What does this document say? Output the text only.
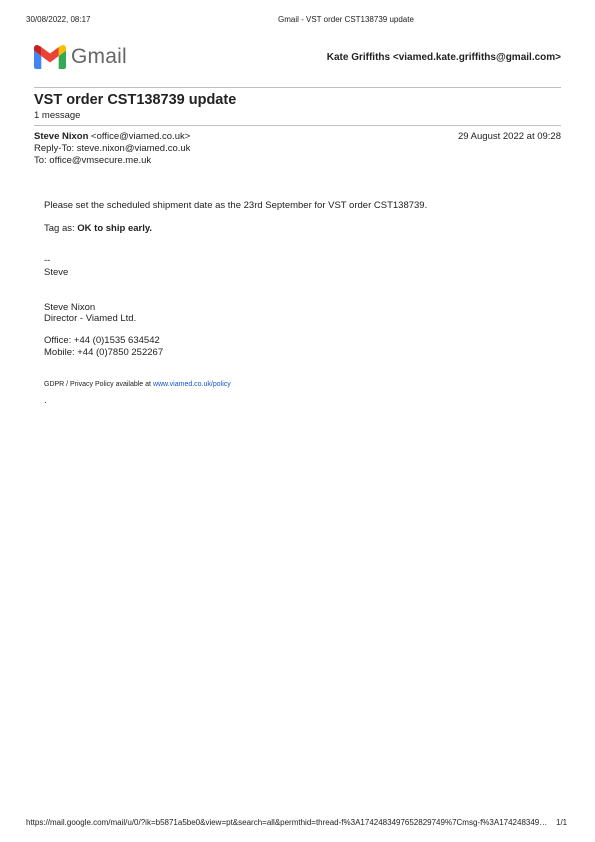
30/08/2022, 08:17	Gmail - VST order CST138739 update
Gmail	Kate Griffiths <viamed.kate.griffiths@gmail.com>
VST order CST138739 update
1 message
Steve Nixon <office@viamed.co.uk>	29 August 2022 at 09:28
Reply-To: steve.nixon@viamed.co.uk
To: office@vmsecure.me.uk
Please set the scheduled shipment date as the 23rd September for VST order CST138739.
Tag as: OK to ship early.
--
Steve
Steve Nixon
Director - Viamed Ltd.
Office: +44 (0)1535 634542
Mobile: +44 (0)7850 252267
GDPR / Privacy Policy available at www.viamed.co.uk/policy
.
https://mail.google.com/mail/u/0/?ik=b5871a5be0&view=pt&search=all&permthid=thread-f%3A1742483497652829749%7Cmsg-f%3A174248349… 1/1
